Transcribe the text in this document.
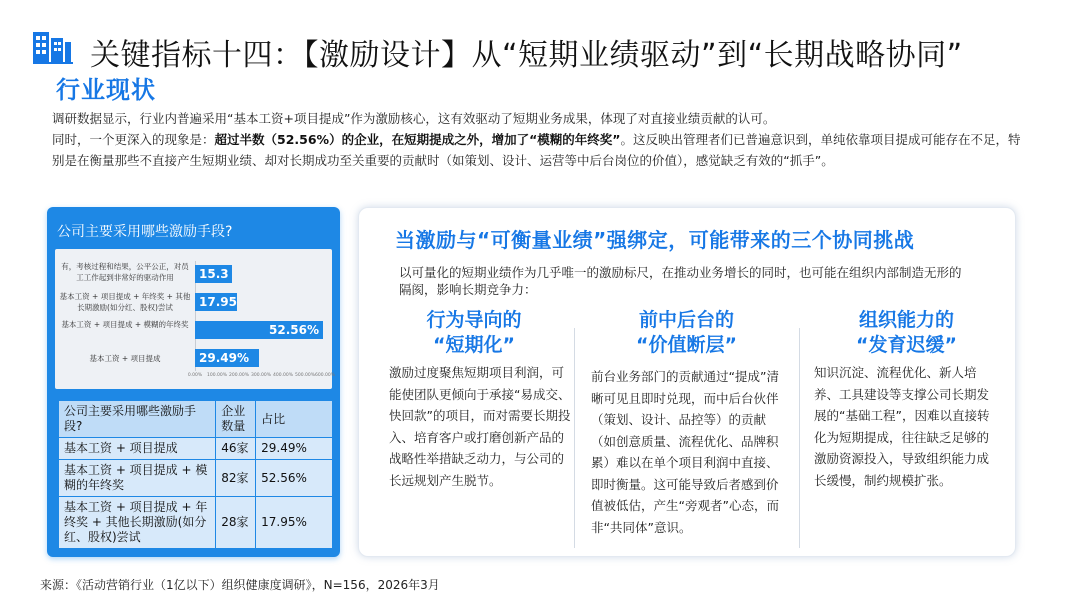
关键指标十四：【激励设计】从“短期业绩驱动”到“长期战略协同”
行业现状

调研数据显示，行业内普遍采用“基本工资+项目提成”作为激励核心，这有效驱动了短期业务成果，体现了对直接业绩贡献的认可。

同时，一个更深入的现象是：超过半数（52.56%）的企业，在短期提成之外，增加了“模糊的年终奖”。这反映出管理者们已普遍意识到，单纯依靠项目提成可能存在不足，特别是在衡量那些不直接产生短期业绩、却对长期成功至关重要的贡献时（如策划、设计、运营等中后台岗位的价值），感觉缺乏有效的“抓手”。

公司主要采用哪些激励手段?
有，考核过程和结果，公平公正，对员工工作起到非常好的驱动作用
基本工资 + 项目提成 + 年终奖 + 其他长期激励(如分红、股权)尝试
基本工资 + 项目提成 + 模糊的年终奖
基本工资 + 项目提成
15.3
17.95
52.56%
29.49%
0.00% 100.00% 200.00% 300.00% 400.00% 500.00% 600.00%
公司主要采用哪些激励手段?	企业数量	占比
基本工资 + 项目提成	46家	29.49%
基本工资 + 项目提成 + 模糊的年终奖	82家	52.56%
基本工资 + 项目提成 + 年终奖 + 其他长期激励(如分红、股权)尝试	28家	17.95%
当激励与“可衡量业绩”强绑定，可能带来的三个协同挑战
以可量化的短期业绩作为几乎唯一的激励标尺，在推动业务增长的同时，也可能在组织内部制造无形的隔阂，影响长期竞争力：
行为导向的
“短期化”
激励过度聚焦短期项目利润，可能使团队更倾向于承接“易成交、快回款”的项目，而对需要长期投入、培育客户或打磨创新产品的战略性举措缺乏动力，与公司的长远规划产生脱节。
前中后台的
“价值断层”
前台业务部门的贡献通过“提成”清晰可见且即时兑现，而中后台伙伴（策划、设计、品控等）的贡献（如创意质量、流程优化、品牌积累）难以在单个项目利润中直接、即时衡量。这可能导致后者感到价值被低估，产生“旁观者”心态，而非“共同体”意识。
组织能力的
“发育迟缓”
知识沉淀、流程优化、新人培养、工具建设等支撑公司长期发展的“基础工程”，因难以直接转化为短期提成，往往缺乏足够的激励资源投入，导致组织能力成长缓慢，制约规模扩张。
来源：《活动营销行业（1亿以下）组织健康度调研》，N=156，2026年3月
